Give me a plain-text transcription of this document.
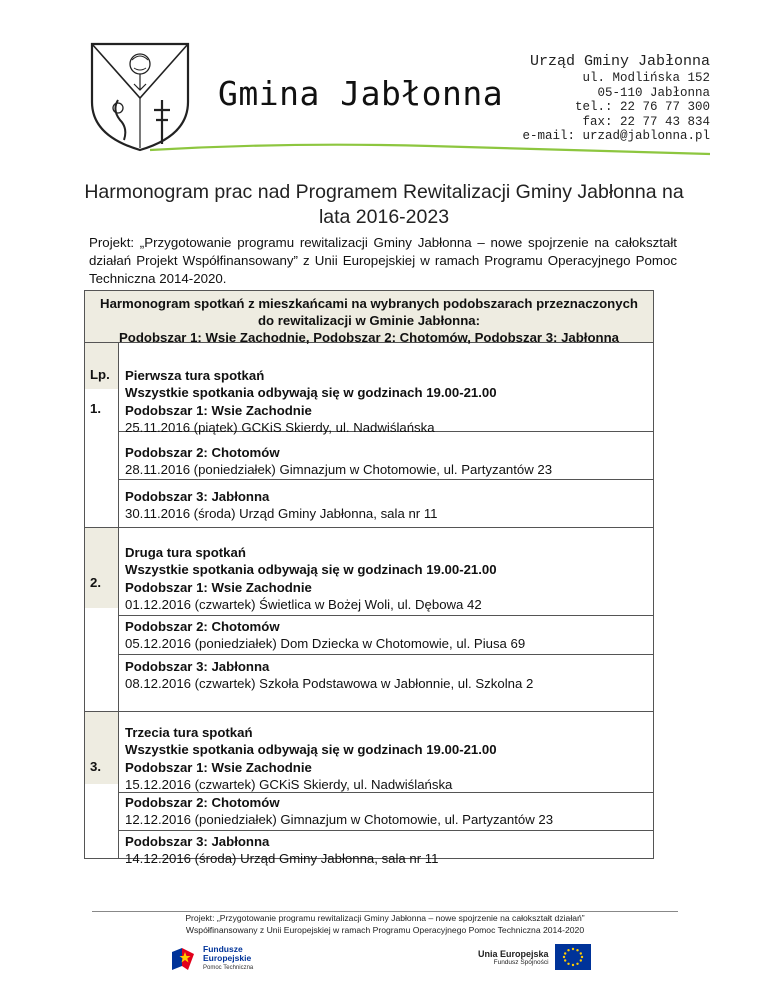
Gmina Jabłonna
Urząd Gminy Jabłonna
ul. Modlińska 152
05-110 Jabłonna
tel.: 22 76 77 300
fax: 22 77 43 834
e-mail: urzad@jablonna.pl
Harmonogram prac nad Programem Rewitalizacji Gminy Jabłonna na
lata 2016-2023
Projekt: „Przygotowanie programu rewitalizacji Gminy Jabłonna – nowe spojrzenie na całokształt działań Projekt Współfinansowany” z Unii Europejskiej w ramach Programu Operacyjnego Pomoc Techniczna 2014-2020.
Harmonogram spotkań z mieszkańcami na wybranych podobszarach przeznaczonych
do rewitalizacji w Gminie Jabłonna:
Podobszar 1: Wsie Zachodnie, Podobszar 2: Chotomów, Podobszar 3: Jabłonna
Lp.
1.
Pierwsza tura spotkań
Wszystkie spotkania odbywają się w godzinach 19.00-21.00
Podobszar 1: Wsie Zachodnie
25.11.2016 (piątek) GCKiS Skierdy, ul. Nadwiślańska
Podobszar 2: Chotomów
28.11.2016 (poniedziałek) Gimnazjum w Chotomowie, ul. Partyzantów 23
Podobszar 3: Jabłonna
30.11.2016 (środa) Urząd Gminy Jabłonna, sala nr 11
2.
Druga tura spotkań
Wszystkie spotkania odbywają się w godzinach 19.00-21.00
Podobszar 1: Wsie Zachodnie
01.12.2016 (czwartek) Świetlica w Bożej Woli, ul. Dębowa 42
Podobszar 2: Chotomów
05.12.2016 (poniedziałek) Dom Dziecka w Chotomowie, ul. Piusa 69
Podobszar 3: Jabłonna
08.12.2016 (czwartek) Szkoła Podstawowa w Jabłonnie, ul. Szkolna 2
3.
Trzecia tura spotkań
Wszystkie spotkania odbywają się w godzinach 19.00-21.00
Podobszar 1: Wsie Zachodnie
15.12.2016 (czwartek) GCKiS Skierdy, ul. Nadwiślańska
Podobszar 2: Chotomów
12.12.2016 (poniedziałek) Gimnazjum w Chotomowie, ul. Partyzantów 23
Podobszar 3: Jabłonna
14.12.2016 (środa) Urząd Gminy Jabłonna, sala nr 11
Projekt: „Przygotowanie programu rewitalizacji Gminy Jabłonna – nowe spojrzenie na całokształt działań”
Współfinansowany z Unii Europejskiej w ramach Programu Operacyjnego Pomoc Techniczna 2014-2020
Fundusze
Europejskie
Pomoc Techniczna
Unia Europejska
Fundusz Spójności
